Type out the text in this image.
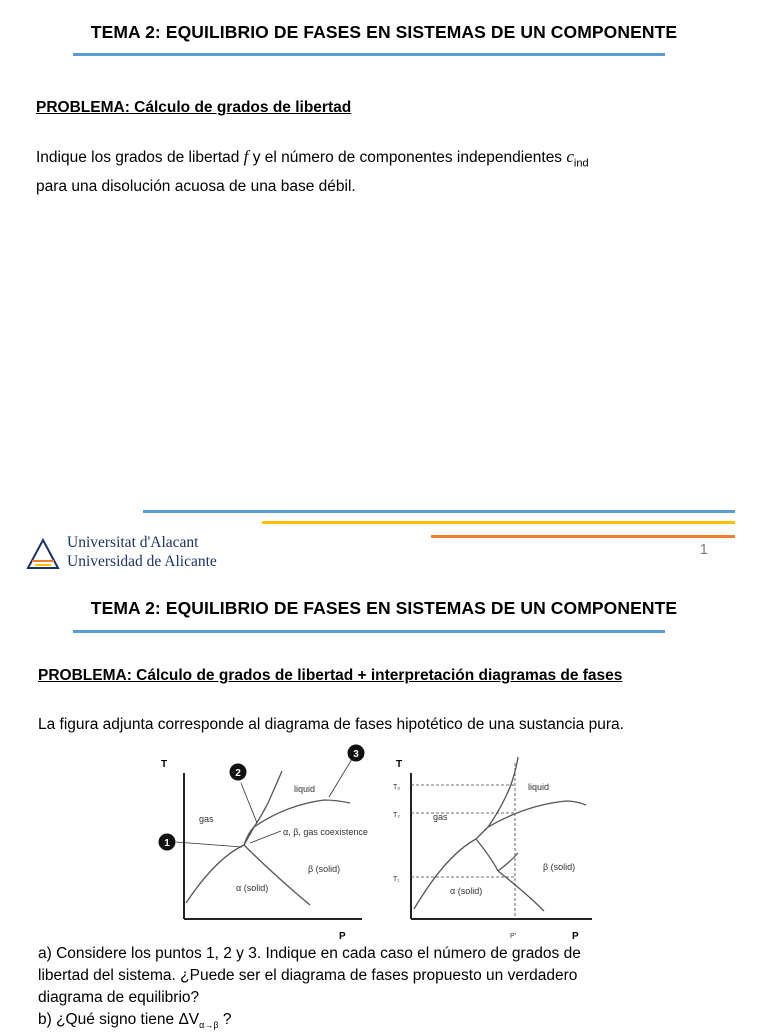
TEMA 2: EQUILIBRIO DE FASES EN SISTEMAS DE UN COMPONENTE
PROBLEMA: Cálculo de grados de libertad
Indique los grados de libertad f y el número de componentes independientes $c_{ind}$
para una disolución acuosa de una base débil.
Universitat d'Alacant
Universidad de Alicante
1
TEMA 2: EQUILIBRIO DE FASES EN SISTEMAS DE UN COMPONENTE
PROBLEMA: Cálculo de grados de libertad + interpretación diagramas de fases
La figura adjunta corresponde al diagrama de fases hipotético de una sustancia pura.
a) Considere los puntos 1, 2 y 3. Indique en cada caso el número de grados de
libertad del sistema. ¿Puede ser el diagrama de fases propuesto un verdadero
diagrama de equilibrio?
b) ¿Qué signo tiene $\Delta V_{\alpha\to\beta}$ ?
T
P
gas
liquid
α (solid)
β (solid)
α, β, gas coexistence
1
2
3
T
P
T₃
T₂
T₁
P'
gas
liquid
α (solid)
β (solid)
